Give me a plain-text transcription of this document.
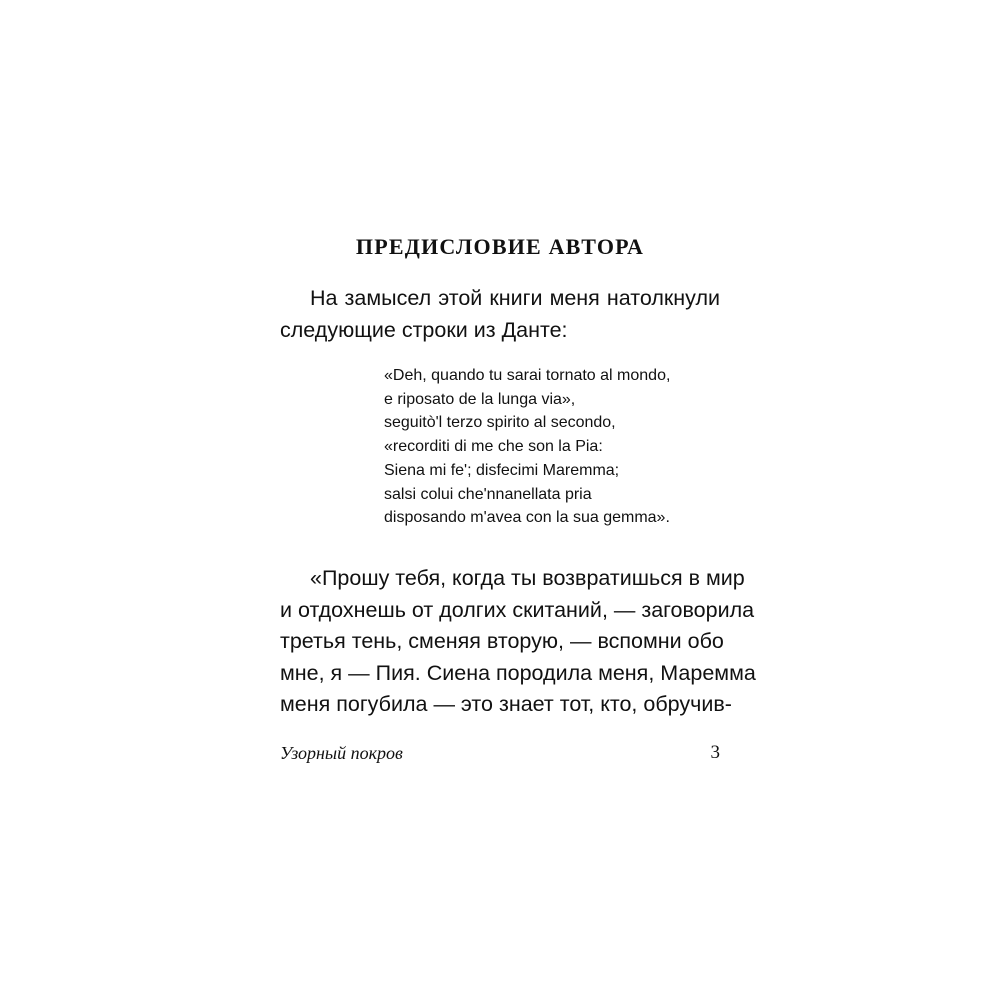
ПРЕДИСЛОВИЕ АВТОРА
На замысел этой книги меня натолкнули
следующие строки из Данте:
«Deh, quando tu sarai tornato al mondo,
e riposato de la lunga via»,
seguitò'l terzo spirito al secondo,
«recorditi di me che son la Pia:
Siena mi fe'; disfecimi Maremma;
salsi colui che'nnanellata pria
disposando m'avea con la sua gemma».
«Прошу тебя, когда ты возвратишься в мир
и отдохнешь от долгих скитаний, — заговорила
третья тень, сменяя вторую, — вспомни обо
мне, я — Пия. Сиена породила меня, Маремма
меня погубила — это знает тот, кто, обручив-
Узорный покров	3
